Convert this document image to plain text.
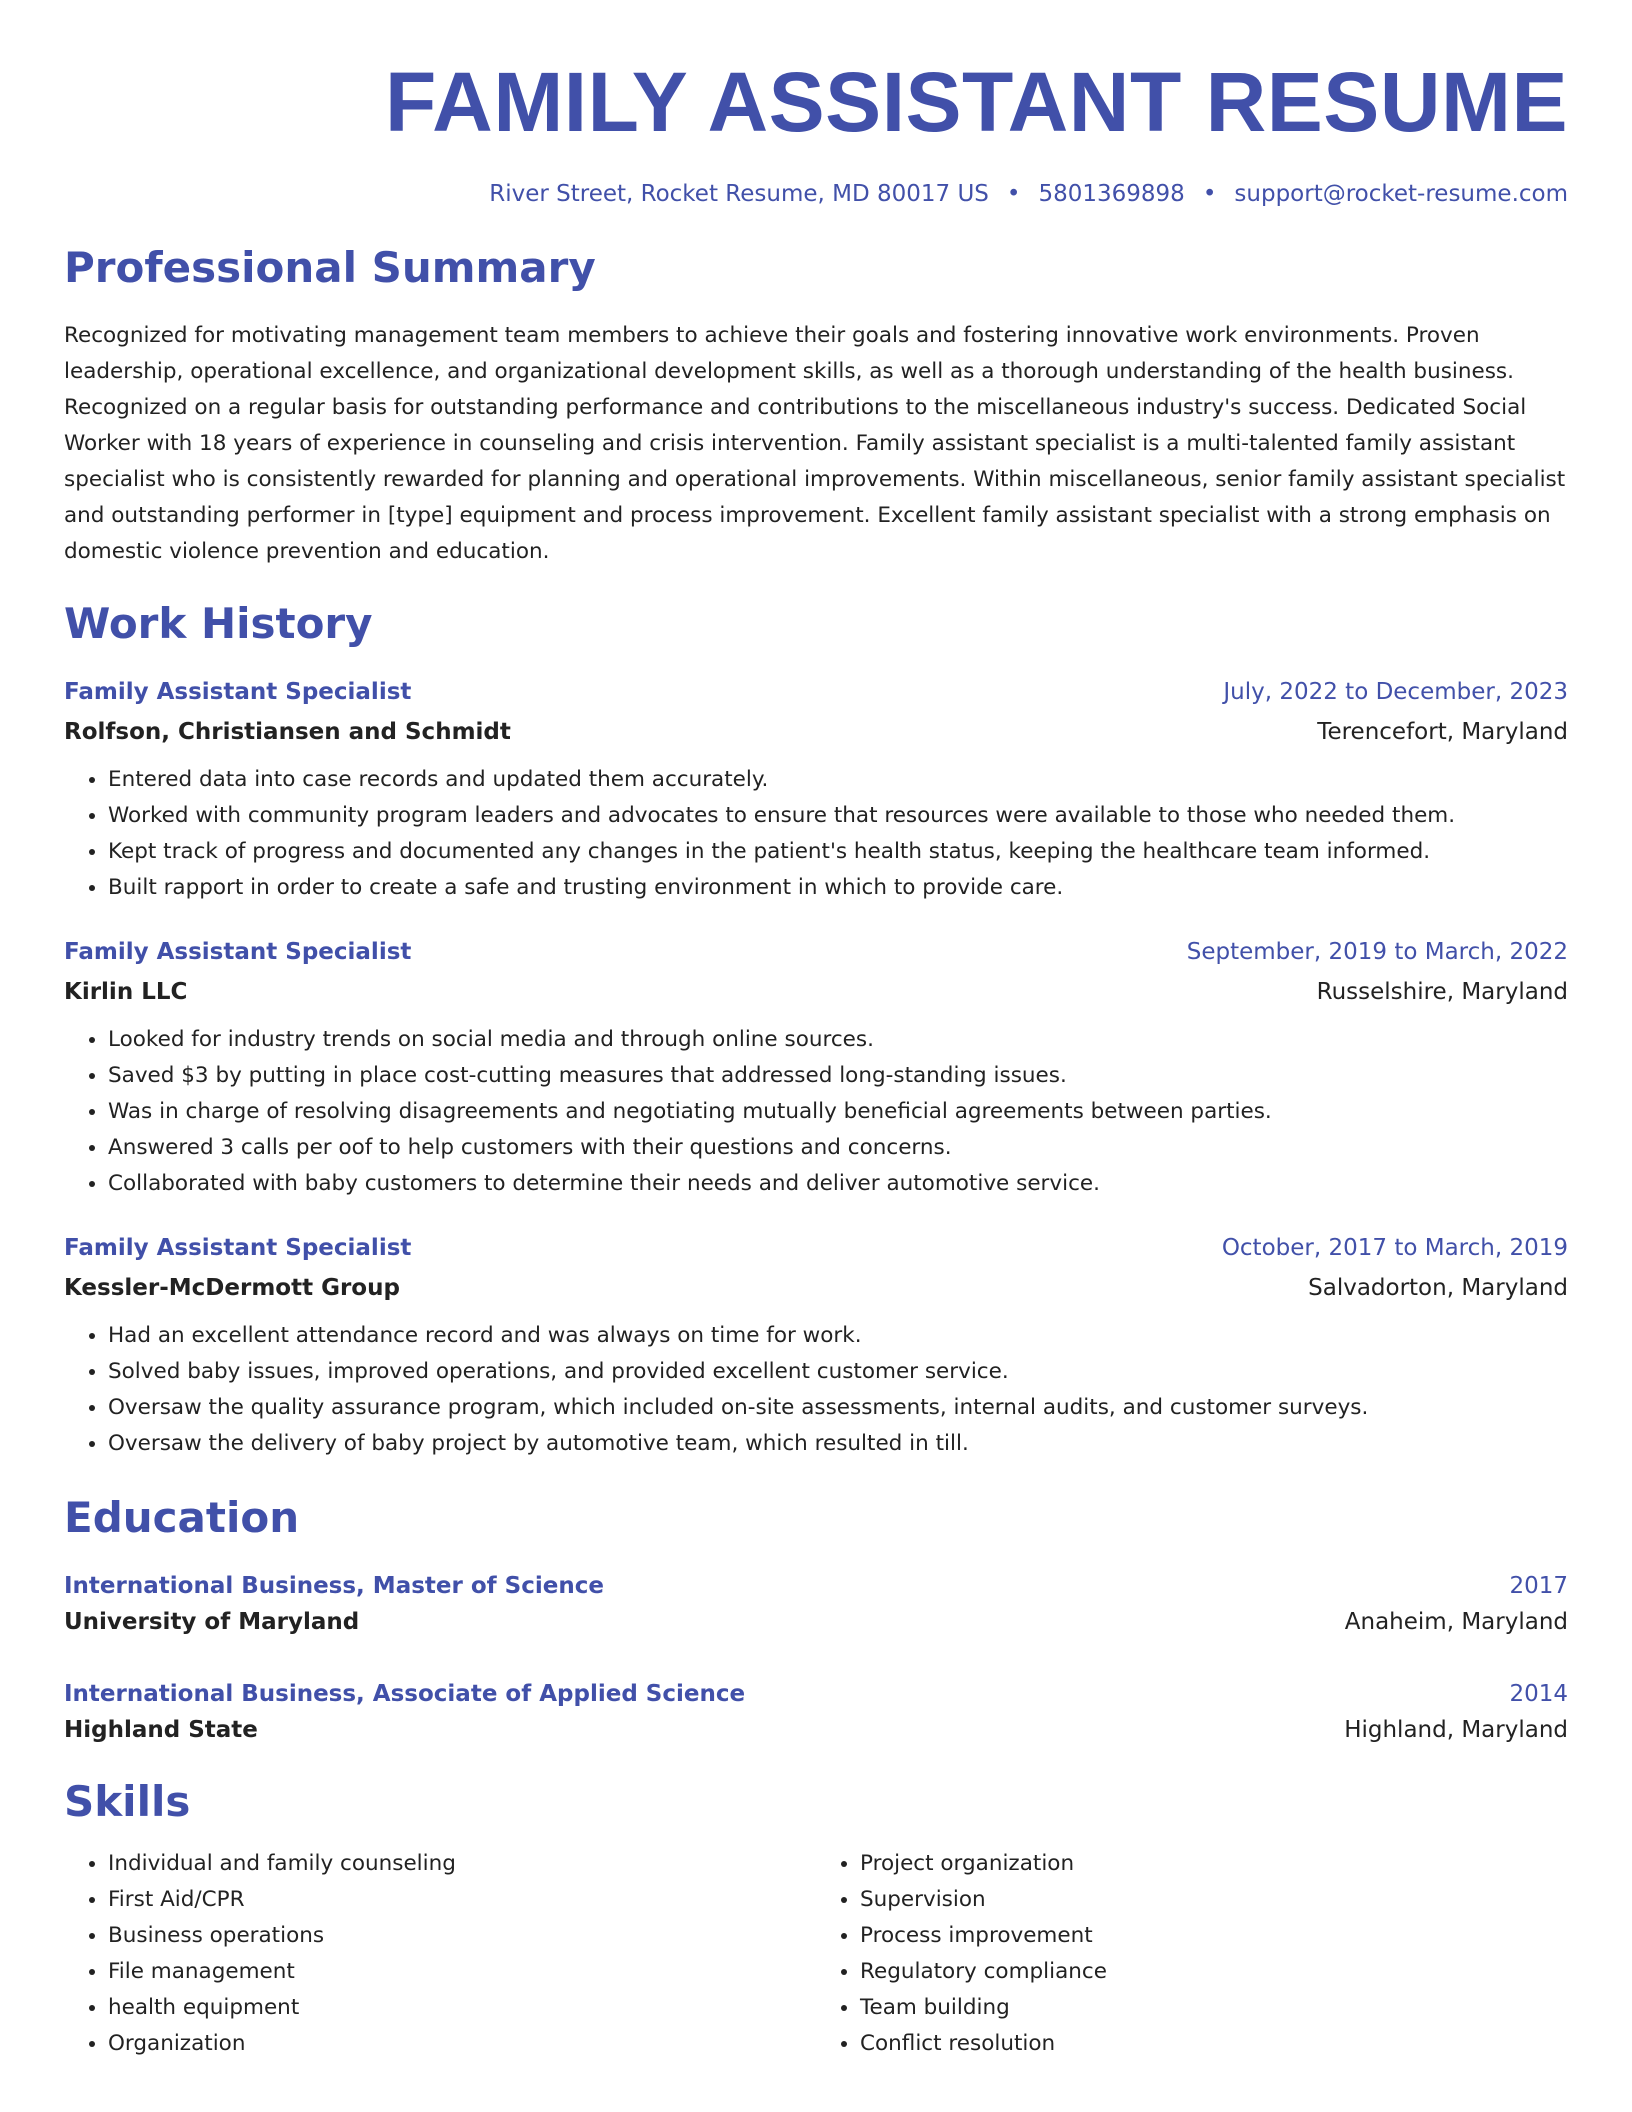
FAMILY ASSISTANT RESUME
River Street, Rocket Resume, MD 80017 US • 5801369898 • support@rocket-resume.com
Professional Summary

Recognized for motivating management team members to achieve their goals and fostering innovative work environments. Proven leadership, operational excellence, and organizational development skills, as well as a thorough understanding of the health business. Recognized on a regular basis for outstanding performance and contributions to the miscellaneous industry's success. Dedicated Social Worker with 18 years of experience in counseling and crisis intervention. Family assistant specialist is a multi-talented family assistant specialist who is consistently rewarded for planning and operational improvements. Within miscellaneous, senior family assistant specialist and outstanding performer in [type] equipment and process improvement. Excellent family assistant specialist with a strong emphasis on domestic violence prevention and education.

Work History
Family Assistant Specialist	July, 2022 to December, 2023
Rolfson, Christiansen and Schmidt	Terencefort, Maryland
• Entered data into case records and updated them accurately.
• Worked with community program leaders and advocates to ensure that resources were available to those who needed them.
• Kept track of progress and documented any changes in the patient's health status, keeping the healthcare team informed.
• Built rapport in order to create a safe and trusting environment in which to provide care.
Family Assistant Specialist	September, 2019 to March, 2022
Kirlin LLC	Russelshire, Maryland
• Looked for industry trends on social media and through online sources.
• Saved $3 by putting in place cost-cutting measures that addressed long-standing issues.
• Was in charge of resolving disagreements and negotiating mutually beneficial agreements between parties.
• Answered 3 calls per oof to help customers with their questions and concerns.
• Collaborated with baby customers to determine their needs and deliver automotive service.
Family Assistant Specialist	October, 2017 to March, 2019
Kessler-McDermott Group	Salvadorton, Maryland
• Had an excellent attendance record and was always on time for work.
• Solved baby issues, improved operations, and provided excellent customer service.
• Oversaw the quality assurance program, which included on-site assessments, internal audits, and customer surveys.
• Oversaw the delivery of baby project by automotive team, which resulted in till.
Education
International Business, Master of Science	2017
University of Maryland	Anaheim, Maryland
International Business, Associate of Applied Science	2014
Highland State	Highland, Maryland
Skills
• Individual and family counseling
• First Aid/CPR
• Business operations
• File management
• health equipment
• Organization
• Project organization
• Supervision
• Process improvement
• Regulatory compliance
• Team building
• Conflict resolution
